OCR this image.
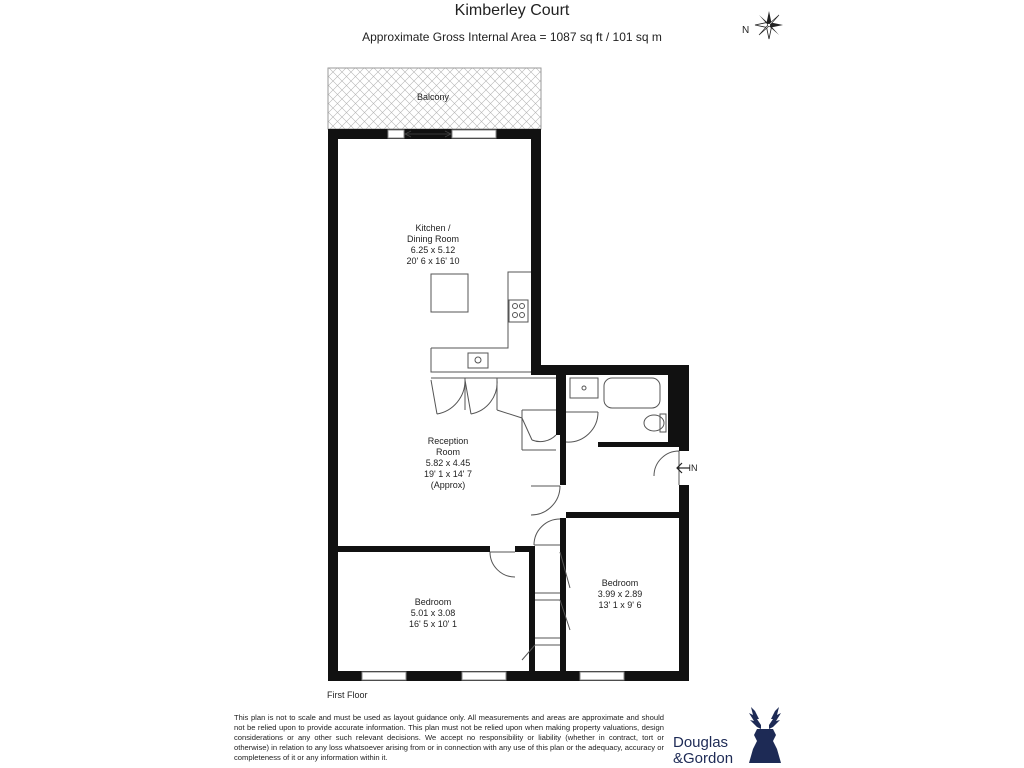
Kimberley Court
Approximate Gross Internal Area = 1087 sq ft / 101 sq m	N
Balcony
Kitchen /
Dining Room
6.25 x 5.12
20' 6 x 16' 10
Reception
Room
5.82 x 4.45
19' 1 x 14' 7
(Approx)
Bedroom
5.01 x 3.08
16' 5 x 10' 1
Bedroom
3.99 x 2.89
13' 1 x 9' 6
IN
First Floor
This plan is not to scale and must be used as layout guidance only. All measurements and areas are approximate and should not be relied upon to provide accurate information. This plan must not be relied upon when making property valuations, design considerations or any other such relevant decisions. We accept no responsibility or liability (whether in contract, tort or otherwise) in relation to any loss whatsoever arising from or in connection with any use of this plan or the adequacy, accuracy or completeness of it or any information within it.
Douglas
&Gordon
